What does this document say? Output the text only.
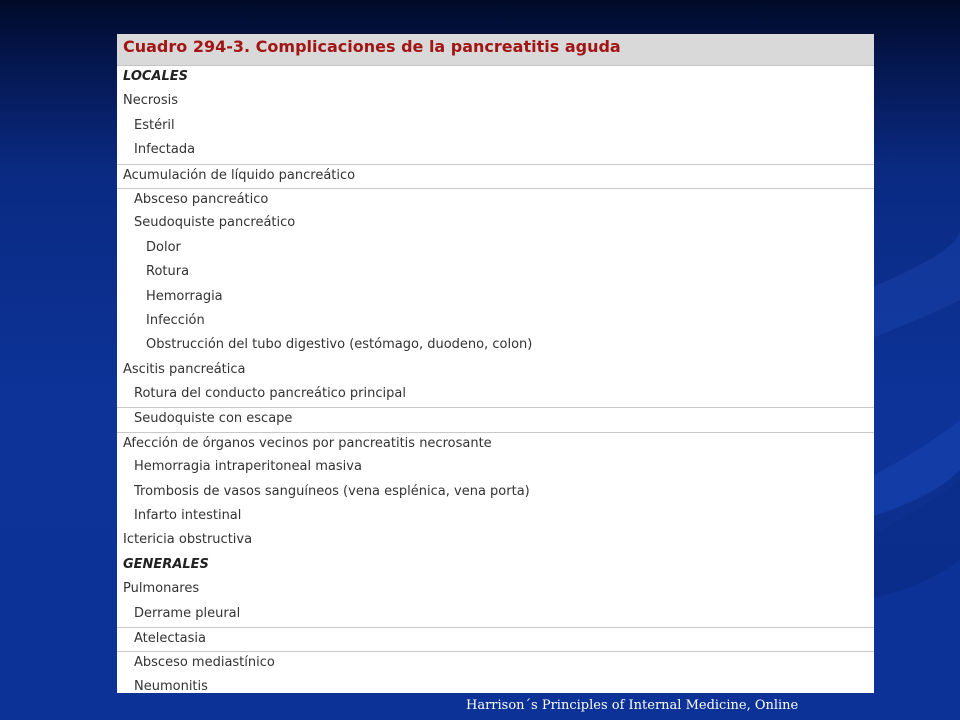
Cuadro 294-3. Complicaciones de la pancreatitis aguda
LOCALES
Necrosis
Estéril
Infectada
Acumulación de líquido pancreático
Absceso pancreático
Seudoquiste pancreático
Dolor
Rotura
Hemorragia
Infección
Obstrucción del tubo digestivo (estómago, duodeno, colon)
Ascitis pancreática
Rotura del conducto pancreático principal
Seudoquiste con escape
Afección de órganos vecinos por pancreatitis necrosante
Hemorragia intraperitoneal masiva
Trombosis de vasos sanguíneos (vena esplénica, vena porta)
Infarto intestinal
Ictericia obstructiva
GENERALES
Pulmonares
Derrame pleural
Atelectasia
Absceso mediastínico
Neumonitis
Harrison´s Principles of Internal Medicine, Online
